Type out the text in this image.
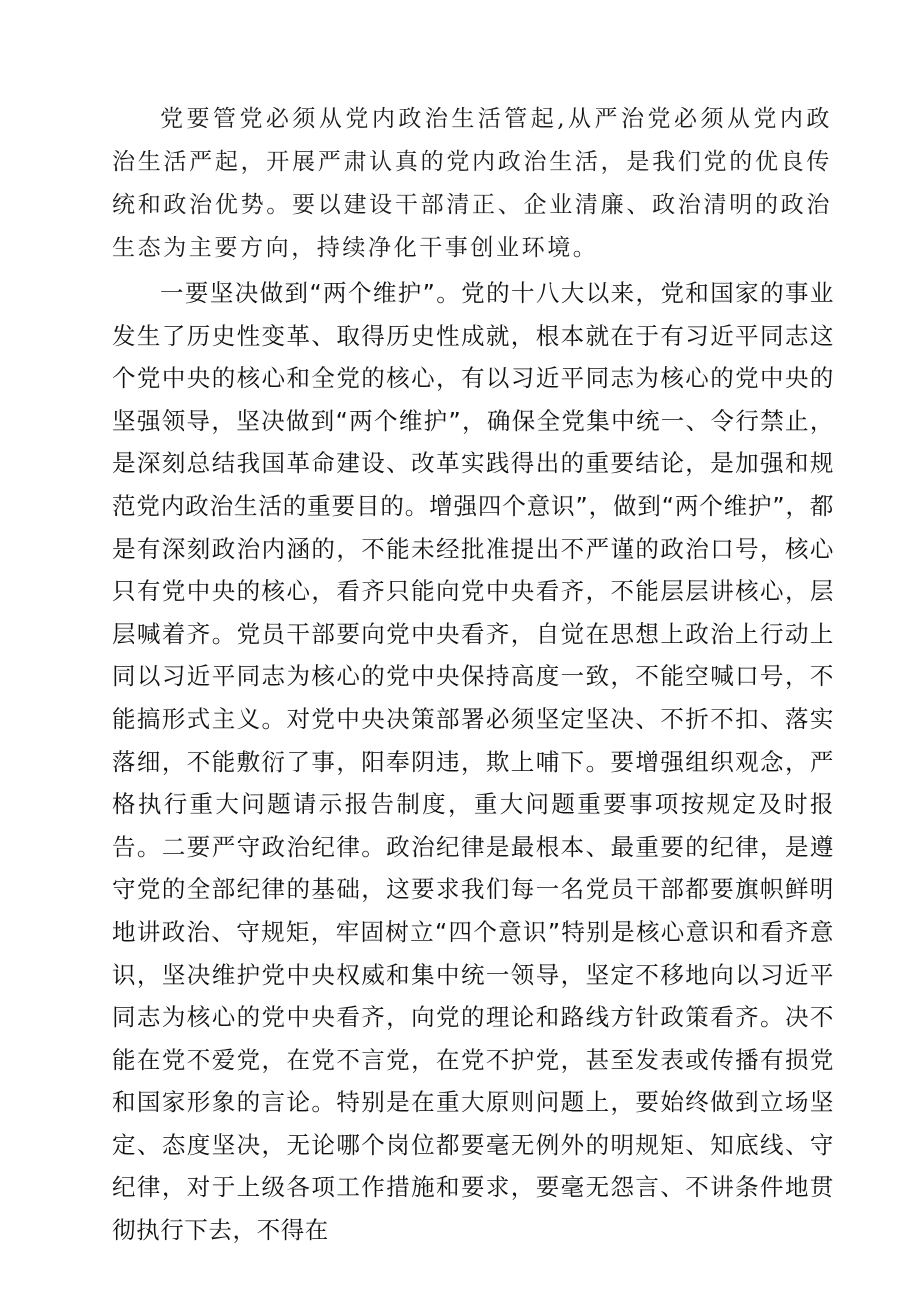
党要管党必须从党内政治生活管起,从严治党必须从党内政治生活严起，开展严肃认真的党内政治生活，是我们党的优良传统和政治优势。要以建设干部清正、企业清廉、政治清明的政治生态为主要方向，持续净化干事创业环境。

一要坚决做到“两个维护”。党的十八大以来，党和国家的事业发生了历史性变革、取得历史性成就，根本就在于有习近平同志这个党中央的核心和全党的核心，有以习近平同志为核心的党中央的坚强领导，坚决做到“两个维护”，确保全党集中统一、令行禁止，是深刻总结我国革命建设、改革实践得出的重要结论，是加强和规范党内政治生活的重要目的。增强四个意识”，做到“两个维护”，都是有深刻政治内涵的，不能未经批准提出不严谨的政治口号，核心只有党中央的核心，看齐只能向党中央看齐，不能层层讲核心，层层喊着齐。党员干部要向党中央看齐，自觉在思想上政治上行动上同以习近平同志为核心的党中央保持高度一致，不能空喊口号，不能搞形式主义。对党中央决策部署必须坚定坚决、不折不扣、落实落细，不能敷衍了事，阳奉阴违，欺上哺下。要增强组织观念，严格执行重大问题请示报告制度，重大问题重要事项按规定及时报告。二要严守政治纪律。政治纪律是最根本、最重要的纪律，是遵守党的全部纪律的基础，这要求我们每一名党员干部都要旗帜鲜明地讲政治、守规矩，牢固树立“四个意识”特别是核心意识和看齐意识，坚决维护党中央权威和集中统一领导，坚定不移地向以习近平同志为核心的党中央看齐，向党的理论和路线方针政策看齐。决不能在党不爱党，在党不言党，在党不护党，甚至发表或传播有损党和国家形象的言论。特别是在重大原则问题上，要始终做到立场坚定、态度坚决，无论哪个岗位都要毫无例外的明规矩、知底线、守纪律，对于上级各项工作措施和要求，要毫无怨言、不讲条件地贯彻执行下去，不得在
